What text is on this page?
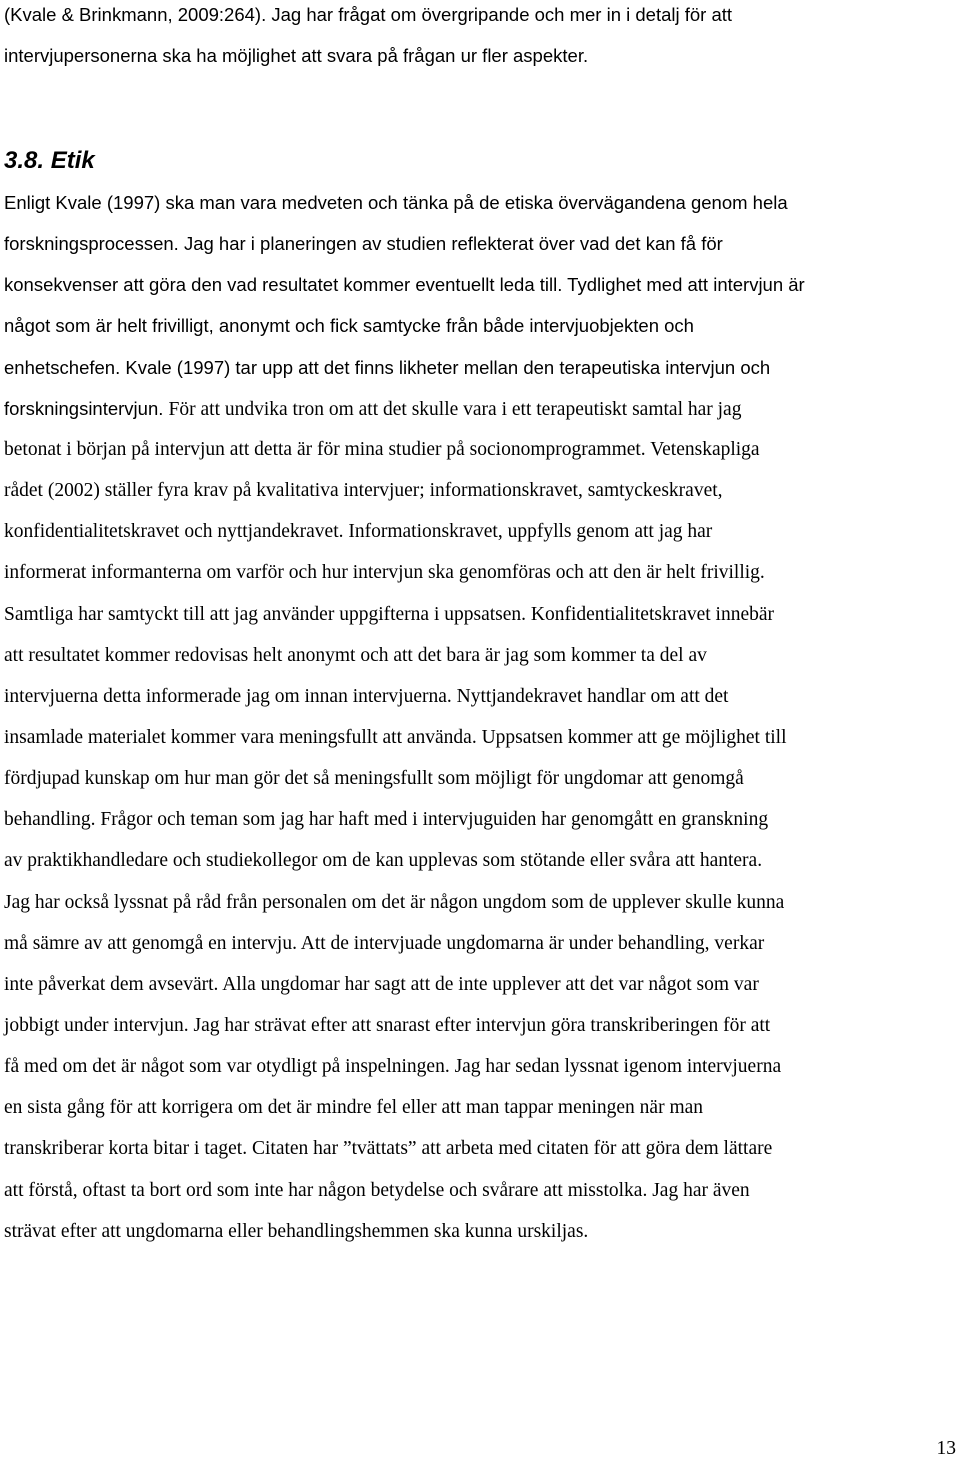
(Kvale & Brinkmann, 2009:264). Jag har frågat om övergripande och mer in i detalj för att
intervjupersonerna ska ha möjlighet att svara på frågan ur fler aspekter.
3.8. Etik
Enligt Kvale (1997) ska man vara medveten och tänka på de etiska övervägandena genom hela
forskningsprocessen. Jag har i planeringen av studien reflekterat över vad det kan få för
konsekvenser att göra den vad resultatet kommer eventuellt leda till. Tydlighet med att intervjun är
något som är helt frivilligt, anonymt och fick samtycke från både intervjuobjekten och
enhetschefen. Kvale (1997) tar upp att det finns likheter mellan den terapeutiska intervjun och
forskningsintervjun. För att undvika tron om att det skulle vara i ett terapeutiskt samtal har jag
betonat i början på intervjun att detta är för mina studier på socionomprogrammet. Vetenskapliga
rådet (2002) ställer fyra krav på kvalitativa intervjuer; informationskravet, samtyckeskravet,
konfidentialitetskravet och nyttjandekravet. Informationskravet, uppfylls genom att jag har
informerat informanterna om varför och hur intervjun ska genomföras och att den är helt frivillig.
Samtliga har samtyckt till att jag använder uppgifterna i uppsatsen. Konfidentialitetskravet innebär
att resultatet kommer redovisas helt anonymt och att det bara är jag som kommer ta del av
intervjuerna detta informerade jag om innan intervjuerna. Nyttjandekravet handlar om att det
insamlade materialet kommer vara meningsfullt att använda. Uppsatsen kommer att ge möjlighet till
fördjupad kunskap om hur man gör det så meningsfullt som möjligt för ungdomar att genomgå
behandling. Frågor och teman som jag har haft med i intervjuguiden har genomgått en granskning
av praktikhandledare och studiekollegor om de kan upplevas som stötande eller svåra att hantera.
Jag har också lyssnat på råd från personalen om det är någon ungdom som de upplever skulle kunna
må sämre av att genomgå en intervju. Att de intervjuade ungdomarna är under behandling, verkar
inte påverkat dem avsevärt. Alla ungdomar har sagt att de inte upplever att det var något som var
jobbigt under intervjun. Jag har strävat efter att snarast efter intervjun göra transkriberingen för att
få med om det är något som var otydligt på inspelningen. Jag har sedan lyssnat igenom intervjuerna
en sista gång för att korrigera om det är mindre fel eller att man tappar meningen när man
transkriberar korta bitar i taget. Citaten har ”tvättats” att arbeta med citaten för att göra dem lättare
att förstå, oftast ta bort ord som inte har någon betydelse och svårare att misstolka. Jag har även
strävat efter att ungdomarna eller behandlingshemmen ska kunna urskiljas.
13
